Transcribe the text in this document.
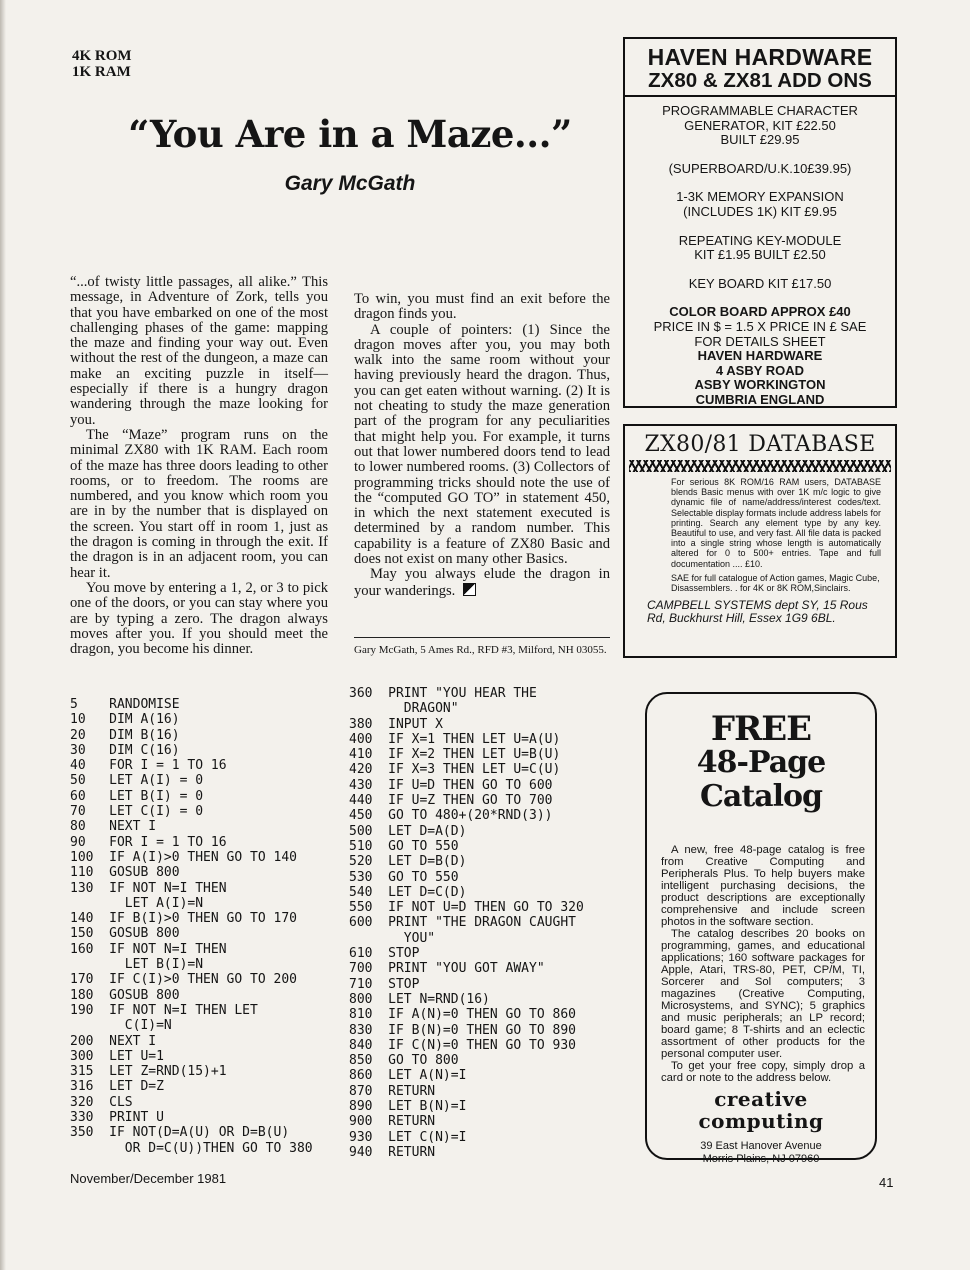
4K ROM
1K RAM
“You Are in a Maze...”
Gary McGath

“...of twisty little passages, all alike.” This message, in Adventure of Zork, tells you that you have embarked on one of the most challenging phases of the game: mapping the maze and finding your way out. Even without the rest of the dungeon, a maze can make an exciting puzzle in itself—especially if there is a hungry dragon wandering through the maze looking for you.

The “Maze” program runs on the minimal ZX80 with 1K RAM. Each room of the maze has three doors leading to other rooms, or to freedom. The rooms are numbered, and you know which room you are in by the number that is displayed on the screen. You start off in room 1, just as the dragon is coming in through the exit. If the dragon is in an adjacent room, you can hear it.

You move by entering a 1, 2, or 3 to pick one of the doors, or you can stay where you are by typing a zero. The dragon always moves after you. If you should meet the dragon, you become his dinner.

To win, you must find an exit before the dragon finds you.

A couple of pointers: (1) Since the dragon moves after you, you may both walk into the same room without your having previously heard the dragon. Thus, you can get eaten without warning. (2) It is not cheating to study the maze generation part of the program for any peculiarities that might help you. For example, it turns out that lower numbered doors tend to lead to lower numbered rooms. (3) Collectors of programming tricks should note the use of the “computed GO TO” in statement 450, in which the next statement executed is determined by a random number. This capability is a feature of ZX80 Basic and does not exist on many other Basics.

May you always elude the dragon in your wanderings.

Gary McGath, 5 Ames Rd., RFD #3, Milford, NH 03055.
5    RANDOMISE
10   DIM A(16)
20   DIM B(16)
30   DIM C(16)
40   FOR I = 1 TO 16
50   LET A(I) = 0
60   LET B(I) = 0
70   LET C(I) = 0
80   NEXT I
90   FOR I = 1 TO 16
100  IF A(I)>0 THEN GO TO 140
110  GOSUB 800
130  IF NOT N=I THEN
LET A(I)=N
140  IF B(I)>0 THEN GO TO 170
150  GOSUB 800
160  IF NOT N=I THEN
LET B(I)=N
170  IF C(I)>0 THEN GO TO 200
180  GOSUB 800
190  IF NOT N=I THEN LET
C(I)=N
200  NEXT I
300  LET U=1
315  LET Z=RND(15)+1
316  LET D=Z
320  CLS
330  PRINT U
350  IF NOT(D=A(U) OR D=B(U)
OR D=C(U))THEN GO TO 380
360  PRINT "YOU HEAR THE
DRAGON"
380  INPUT X
400  IF X=1 THEN LET U=A(U)
410  IF X=2 THEN LET U=B(U)
420  IF X=3 THEN LET U=C(U)
430  IF U=D THEN GO TO 600
440  IF U=Z THEN GO TO 700
450  GO TO 480+(20*RND(3))
500  LET D=A(D)
510  GO TO 550
520  LET D=B(D)
530  GO TO 550
540  LET D=C(D)
550  IF NOT U=D THEN GO TO 320
600  PRINT "THE DRAGON CAUGHT
YOU"
610  STOP
700  PRINT "YOU GOT AWAY"
710  STOP
800  LET N=RND(16)
810  IF A(N)=0 THEN GO TO 860
830  IF B(N)=0 THEN GO TO 890
840  IF C(N)=0 THEN GO TO 930
850  GO TO 800
860  LET A(N)=I
870  RETURN
890  LET B(N)=I
900  RETURN
930  LET C(N)=I
940  RETURN
HAVEN HARDWARE
ZX80 & ZX81 ADD ONS
PROGRAMMABLE CHARACTER
GENERATOR, KIT £22.50
BUILT £29.95
(SUPERBOARD/U.K.10£39.95)
1-3K MEMORY EXPANSION
(INCLUDES 1K) KIT £9.95
REPEATING KEY-MODULE
KIT £1.95 BUILT £2.50
KEY BOARD KIT £17.50
COLOR BOARD APPROX £40
PRICE IN $ = 1.5 X PRICE IN £ SAE
FOR DETAILS SHEET
HAVEN HARDWARE
4 ASBY ROAD
ASBY WORKINGTON
CUMBRIA ENGLAND
ZX80/81 DATABASE
For serious 8K ROM/16 RAM users, DATABASE blends Basic menus with over 1K m/c logic to give dynamic file of name/address/interest codes/text. Selectable display formats include address labels for printing. Search any element type by any key. Beautiful to use, and very fast. All file data is packed into a single string whose length is automatically altered for 0 to 500+ entries. Tape and full documentation .... £10.
SAE for full catalogue of Action games, Magic Cube, Disassemblers. . for 4K or 8K ROM,Sinclairs.
CAMPBELL SYSTEMS dept SY, 15 Rous Rd, Buckhurst Hill, Essex 1G9 6BL.
FREE
48-Page
Catalog

A new, free 48-page catalog is free from Creative Computing and Peripherals Plus. To help buyers make intelligent purchasing decisions, the product descriptions are exceptionally comprehensive and include screen photos in the software section.

The catalog describes 20 books on programming, games, and educational applications; 160 software packages for Apple, Atari, TRS-80, PET, CP/M, TI, Sorcerer and Sol computers; 3 magazines (Creative Computing, Microsystems, and SYNC); 5 graphics and music peripherals; an LP record; board game; 8 T-shirts and an eclectic assortment of other products for the personal computer user.

To get your free copy, simply drop a card or note to the address below.

creative
computing
39 East Hanover Avenue
Morris Plains, NJ 07960
November/December 1981	41
